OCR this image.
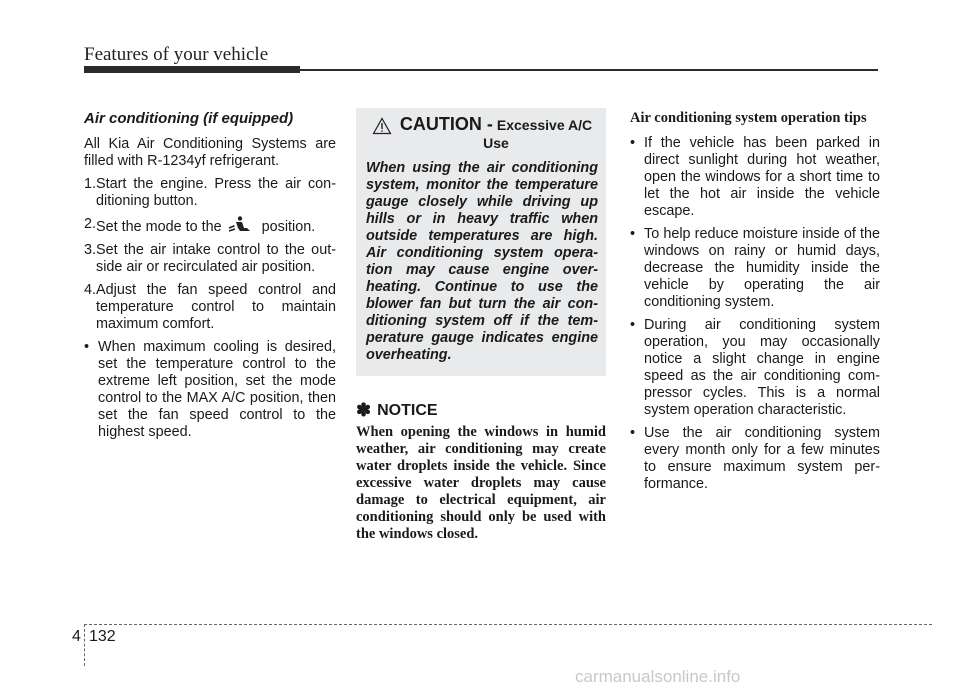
Features of your vehicle
Air conditioning (if equipped)

All Kia Air Conditioning Systems are filled with R-1234yf refrigerant.

1. Start the engine. Press the air conditioning button.
2. Set the mode to the	position.
3. Set the air intake control to the outside air or recirculated air position.
4. Adjust the fan speed control and temperature control to maintain maximum comfort.
• When maximum cooling is desired, set the temperature control to the extreme left position, set the mode control to the MAX A/C position, then set the fan speed control to the highest speed.
CAUTION - Excessive A/C
Use

When using the air conditioning system, monitor the temperature gauge closely while driving up hills or in heavy traffic when outside temperatures are high. Air conditioning system operation may cause engine overheating. Continue to use the blower fan but turn the air conditioning system off if the temperature gauge indicates engine overheating.

✽ NOTICE

When opening the windows in humid weather, air conditioning may create water droplets inside the vehicle. Since excessive water droplets may cause damage to electrical equipment, air conditioning should only be used with the windows closed.

Air conditioning system operation tips
• If the vehicle has been parked in direct sunlight during hot weather, open the windows for a short time to let the hot air inside the vehicle escape.
• To help reduce moisture inside of the windows on rainy or humid days, decrease the humidity inside the vehicle by operating the air conditioning system.
• During air conditioning system operation, you may occasionally notice a slight change in engine speed as the air conditioning compressor cycles. This is a normal system operation characteristic.
• Use the air conditioning system every month only for a few minutes to ensure maximum system performance.
4 132
carmanualsonline.info
